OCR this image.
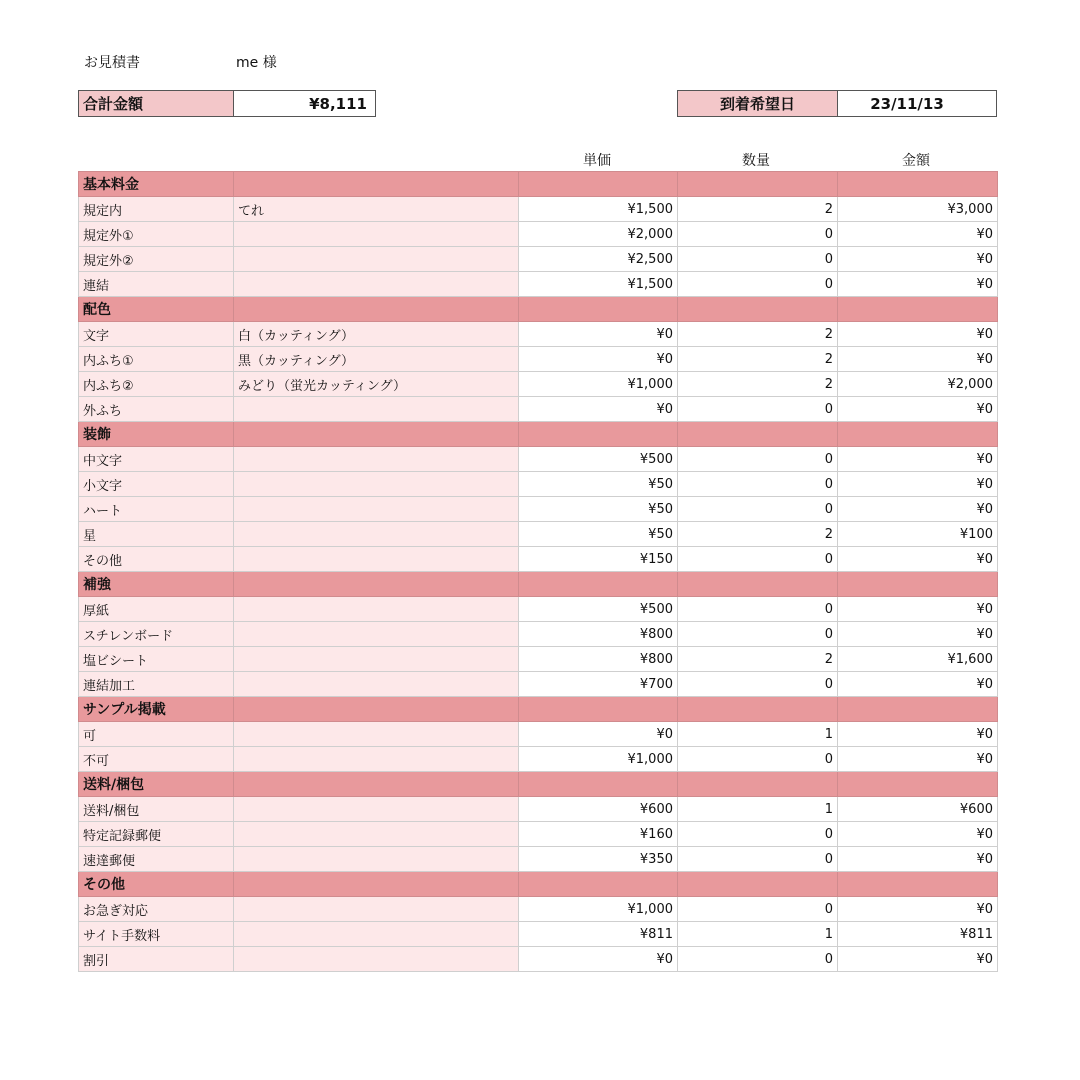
お見積書	me 様
合計金額	¥8,111	到着希望日	23/11/13
単価	数量	金額
基本料金				
規定内	てれ	¥1,500	2	¥3,000
規定外①		¥2,000	0	¥0
規定外②		¥2,500	0	¥0
連結		¥1,500	0	¥0
配色				
文字	白（カッティング）	¥0	2	¥0
内ふち①	黒（カッティング）	¥0	2	¥0
内ふち②	みどり（蛍光カッティング）	¥1,000	2	¥2,000
外ふち		¥0	0	¥0
装飾				
中文字		¥500	0	¥0
小文字		¥50	0	¥0
ハート		¥50	0	¥0
星		¥50	2	¥100
その他		¥150	0	¥0
補強				
厚紙		¥500	0	¥0
スチレンボード		¥800	0	¥0
塩ビシート		¥800	2	¥1,600
連結加工		¥700	0	¥0
サンプル掲載				
可		¥0	1	¥0
不可		¥1,000	0	¥0
送料/梱包				
送料/梱包		¥600	1	¥600
特定記録郵便		¥160	0	¥0
速達郵便		¥350	0	¥0
その他				
お急ぎ対応		¥1,000	0	¥0
サイト手数料		¥811	1	¥811
割引		¥0	0	¥0
